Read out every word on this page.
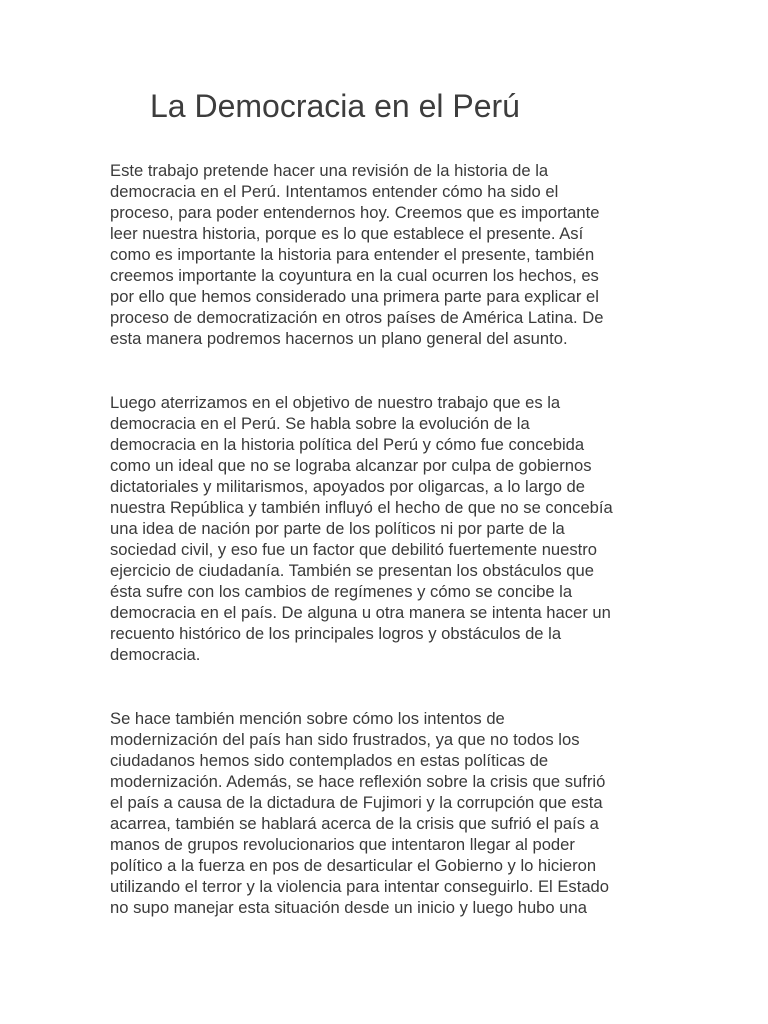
La Democracia en el Perú
Este trabajo pretende hacer una revisión de la historia de la
democracia en el Perú. Intentamos entender cómo ha sido el
proceso, para poder entendernos hoy. Creemos que es importante
leer nuestra historia, porque es lo que establece el presente. Así
como es importante la historia para entender el presente, también
creemos importante la coyuntura en la cual ocurren los hechos, es
por ello que hemos considerado una primera parte para explicar el
proceso de democratización en otros países de América Latina. De
esta manera podremos hacernos un plano general del asunto.
Luego aterrizamos en el objetivo de nuestro trabajo que es la
democracia en el Perú. Se habla sobre la evolución de la
democracia en la historia política del Perú y cómo fue concebida
como un ideal que no se lograba alcanzar por culpa de gobiernos
dictatoriales y militarismos, apoyados por oligarcas, a lo largo de
nuestra República y también influyó el hecho de que no se concebía
una idea de nación por parte de los políticos ni por parte de la
sociedad civil, y eso fue un factor que debilitó fuertemente nuestro
ejercicio de ciudadanía. También se presentan los obstáculos que
ésta sufre con los cambios de regímenes y cómo se concibe la
democracia en el país. De alguna u otra manera se intenta hacer un
recuento histórico de los principales logros y obstáculos de la
democracia.
Se hace también mención sobre cómo los intentos de
modernización del país han sido frustrados, ya que no todos los
ciudadanos hemos sido contemplados en estas políticas de
modernización. Además, se hace reflexión sobre la crisis que sufrió
el país a causa de la dictadura de Fujimori y la corrupción que esta
acarrea, también se hablará acerca de la crisis que sufrió el país a
manos de grupos revolucionarios que intentaron llegar al poder
político a la fuerza en pos de desarticular el Gobierno y lo hicieron
utilizando el terror y la violencia para intentar conseguirlo. El Estado
no supo manejar esta situación desde un inicio y luego hubo una
